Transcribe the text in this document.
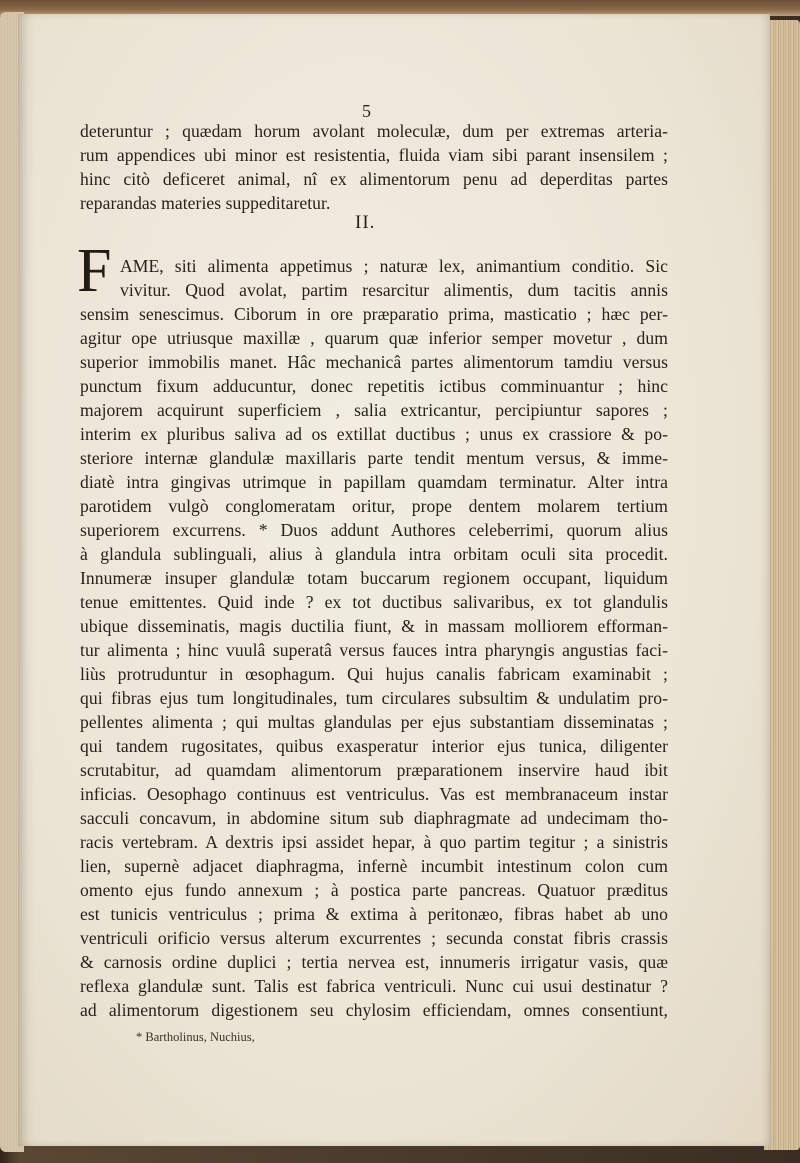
5
deteruntur ; quædam horum avolant moleculæ, dum per extremas arteria-
rum appendices ubi minor est resistentia, fluida viam sibi parant insensilem ;
hinc citò deficeret animal, nî ex alimentorum penu ad deperditas partes
reparandas materies suppeditaretur.
II.
F AME, siti alimenta appetimus ; naturæ lex, animantium conditio. Sic
vivitur. Quod avolat, partim resarcitur alimentis, dum tacitis annis
sensim senescimus. Ciborum in ore præparatio prima, masticatio ; hæc per-
agitur ope utriusque maxillæ , quarum quæ inferior semper movetur , dum
superior immobilis manet. Hâc mechanicâ partes alimentorum tamdiu versus
punctum fixum adducuntur, donec repetitis ictibus comminuantur ; hinc
majorem acquirunt superficiem , salia extricantur, percipiuntur sapores ;
interim ex pluribus saliva ad os extillat ductibus ; unus ex crassiore & po-
steriore internæ glandulæ maxillaris parte tendit mentum versus, & imme-
diatè intra gingivas utrimque in papillam quamdam terminatur. Alter intra
parotidem vulgò conglomeratam oritur, prope dentem molarem tertium
superiorem excurrens. * Duos addunt Authores celeberrimi, quorum alius
à glandula sublinguali, alius à glandula intra orbitam oculi sita procedit.
Innumeræ insuper glandulæ totam buccarum regionem occupant, liquidum
tenue emittentes. Quid inde ? ex tot ductibus salivaribus, ex tot glandulis
ubique disseminatis, magis ductilia fiunt, & in massam molliorem efforman-
tur alimenta ; hinc vuulâ superatâ versus fauces intra pharyngis angustias faci-
liùs protruduntur in œsophagum. Qui hujus canalis fabricam examinabit ;
qui fibras ejus tum longitudinales, tum circulares subsultim & undulatim pro-
pellentes alimenta ; qui multas glandulas per ejus substantiam disseminatas ;
qui tandem rugositates, quibus exasperatur interior ejus tunica, diligenter
scrutabitur, ad quamdam alimentorum præparationem inservire haud ibit
inficias. Oesophago continuus est ventriculus. Vas est membranaceum instar
sacculi concavum, in abdomine situm sub diaphragmate ad undecimam tho-
racis vertebram. A dextris ipsi assidet hepar, à quo partim tegitur ; a sinistris
lien, supernè adjacet diaphragma, infernè incumbit intestinum colon cum
omento ejus fundo annexum ; à postica parte pancreas. Quatuor præditus
est tunicis ventriculus ; prima & extima à peritonæo, fibras habet ab uno
ventriculi orificio versus alterum excurrentes ; secunda constat fibris crassis
& carnosis ordine duplici ; tertia nervea est, innumeris irrigatur vasis, quæ
reflexa glandulæ sunt. Talis est fabrica ventriculi. Nunc cui usui destinatur ?
ad alimentorum digestionem seu chylosim efficiendam, omnes consentiunt,
* Bartholinus, Nuchius,
